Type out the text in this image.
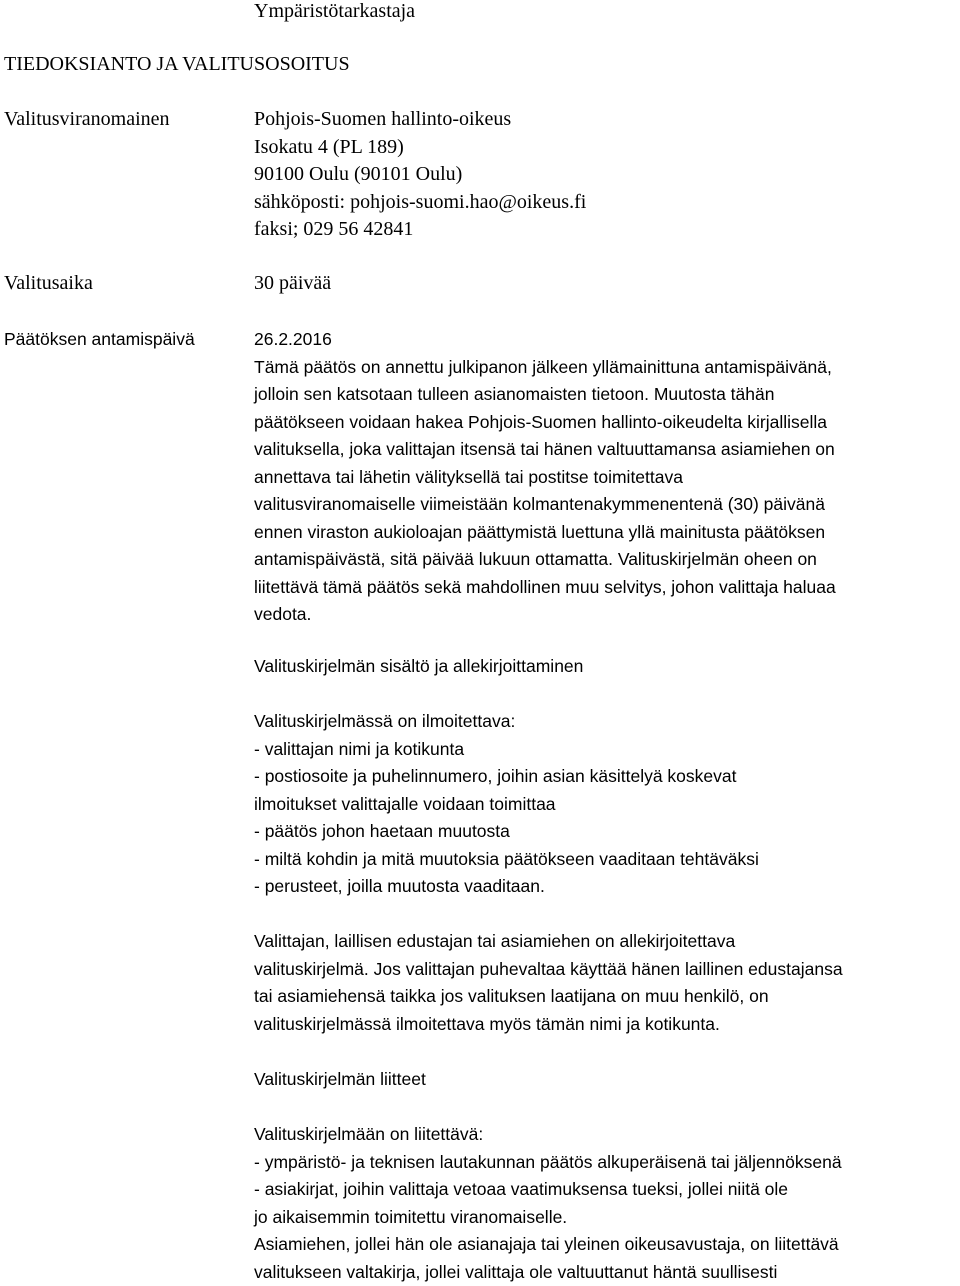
Ympäristötarkastaja
TIEDOKSIANTO JA VALITUSOSOITUS
Valitusviranomainen	Pohjois-Suomen hallinto-oikeus
Isokatu 4 (PL 189)
90100 Oulu (90101 Oulu)
sähköposti: pohjois-suomi.hao@oikeus.fi
faksi; 029 56 42841
Valitusaika	30 päivää
Päätöksen antamispäivä	26.2.2016
Tämä päätös on annettu julkipanon jälkeen yllämainittuna antamispäivänä,
jolloin sen katsotaan tulleen asianomaisten tietoon. Muutosta tähän
päätökseen voidaan hakea Pohjois-Suomen hallinto-oikeudelta kirjallisella
valituksella, joka valittajan itsensä tai hänen valtuuttamansa asiamiehen on
annettava tai lähetin välityksellä tai postitse toimitettava
valitusviranomaiselle viimeistään kolmantenakymmenentenä (30) päivänä
ennen viraston aukioloajan päättymistä luettuna yllä mainitusta päätöksen
antamispäivästä, sitä päivää lukuun ottamatta. Valituskirjelmän oheen on
liitettävä tämä päätös sekä mahdollinen muu selvitys, johon valittaja haluaa
vedota.
Valituskirjelmän sisältö ja allekirjoittaminen
Valituskirjelmässä on ilmoitettava:
- valittajan nimi ja kotikunta
- postiosoite ja puhelinnumero, joihin asian käsittelyä koskevat
ilmoitukset valittajalle voidaan toimittaa
- päätös johon haetaan muutosta
- miltä kohdin ja mitä muutoksia päätökseen vaaditaan tehtäväksi
- perusteet, joilla muutosta vaaditaan.
Valittajan, laillisen edustajan tai asiamiehen on allekirjoitettava
valituskirjelmä. Jos valittajan puhevaltaa käyttää hänen laillinen edustajansa
tai asiamiehensä taikka jos valituksen laatijana on muu henkilö, on
valituskirjelmässä ilmoitettava myös tämän nimi ja kotikunta.
Valituskirjelmän liitteet
Valituskirjelmään on liitettävä:
- ympäristö- ja teknisen lautakunnan päätös alkuperäisenä tai jäljennöksenä
- asiakirjat, joihin valittaja vetoaa vaatimuksensa tueksi, jollei niitä ole
jo aikaisemmin toimitettu viranomaiselle.
Asiamiehen, jollei hän ole asianajaja tai yleinen oikeusavustaja, on liitettävä
valitukseen valtakirja, jollei valittaja ole valtuuttanut häntä suullisesti
